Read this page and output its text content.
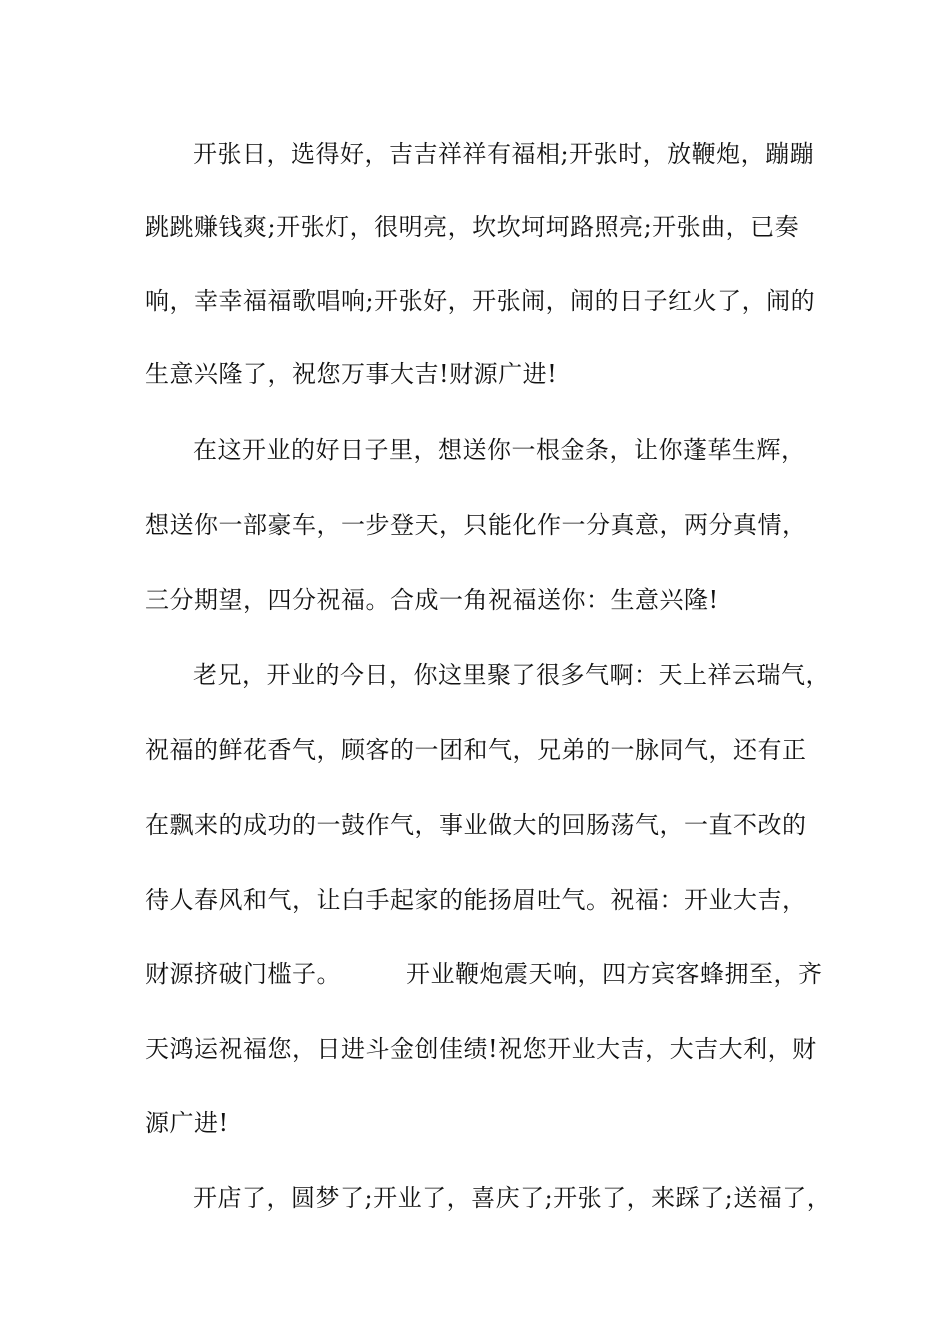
开张日，选得好，吉吉祥祥有福相;开张时，放鞭炮，蹦蹦
跳跳赚钱爽;开张灯，很明亮，坎坎坷坷路照亮;开张曲，已奏
响，幸幸福福歌唱响;开张好，开张闹，闹的日子红火了，闹的
生意兴隆了，祝您万事大吉!财源广进!
在这开业的好日子里，想送你一根金条，让你蓬荜生辉，
想送你一部豪车，一步登天，只能化作一分真意，两分真情，
三分期望，四分祝福。合成一角祝福送你：生意兴隆!
老兄，开业的今日，你这里聚了很多气啊：天上祥云瑞气，
祝福的鲜花香气，顾客的一团和气，兄弟的一脉同气，还有正
在飘来的成功的一鼓作气，事业做大的回肠荡气，一直不改的
待人春风和气，让白手起家的能扬眉吐气。祝福：开业大吉，
财源挤破门槛子。        开业鞭炮震天响，四方宾客蜂拥至，齐
天鸿运祝福您，日进斗金创佳绩!祝您开业大吉，大吉大利，财
源广进!
开店了，圆梦了;开业了，喜庆了;开张了，来踩了;送福了，
